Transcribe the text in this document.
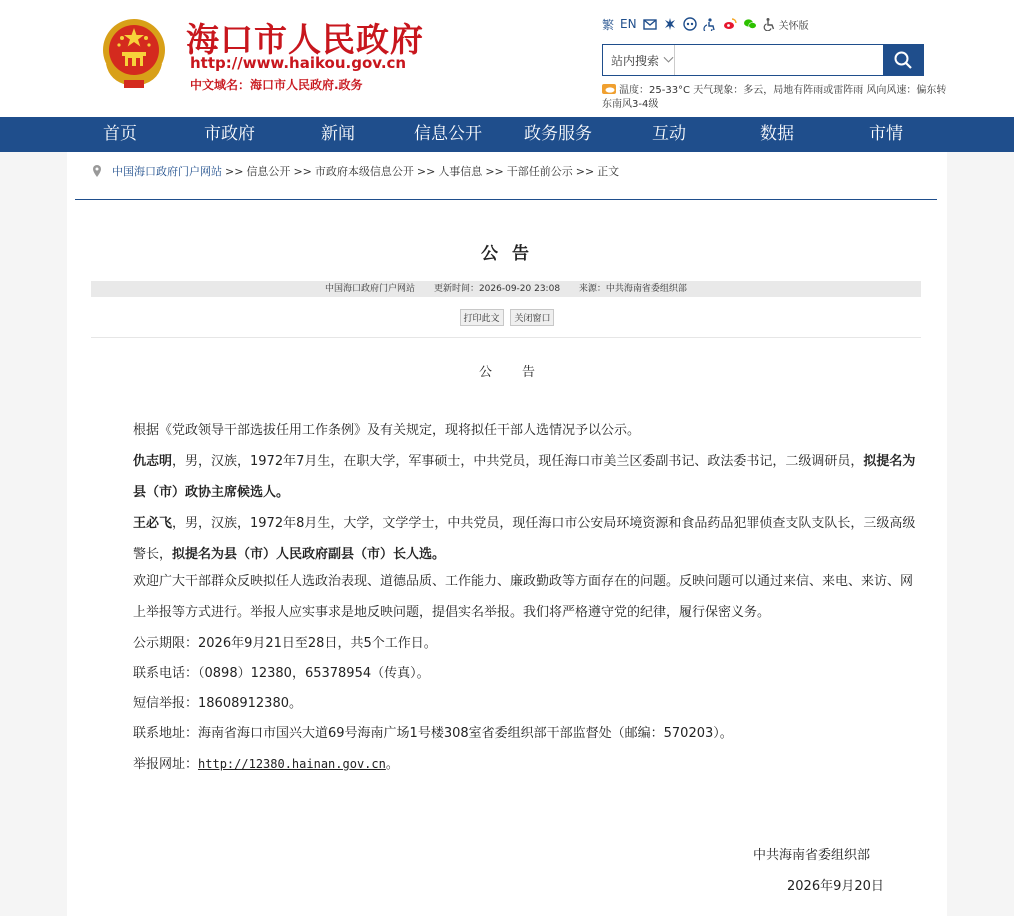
海口市人民政府
http://www.haikou.gov.cn
中文域名：海口市人民政府.政务
繁 EN	关怀版
站内搜索
温度：25-33°C 天气现象：多云，局地有阵雨或雷阵雨 风向风速：偏东转东南风3-4级
首页	市政府	新闻	信息公开 政务服务	互动	数据	市情
中国海口政府门户网站 >> 信息公开 >> 市政府本级信息公开 >> 人事信息 >> 干部任前公示 >> 正文
公 告
中国海口政府门户网站 更新时间：2026-09-20 23:08 来源：中共海南省委组织部
打印此文 关闭窗口
公告
根据《党政领导干部选拔任用工作条例》及有关规定，现将拟任干部人选情况予以公示。
仇志明，男，汉族，1972年7月生，在职大学，军事硕士，中共党员，现任海口市美兰区委副书记、政法委书记，二级调研员，拟提名为县（市）政协主席候选人。
王必飞，男，汉族，1972年8月生，大学，文学学士，中共党员，现任海口市公安局环境资源和食品药品犯罪侦查支队支队长，三级高级警长，拟提名为县（市）人民政府副县（市）长人选。
欢迎广大干部群众反映拟任人选政治表现、道德品质、工作能力、廉政勤政等方面存在的问题。反映问题可以通过来信、来电、来访、网上举报等方式进行。举报人应实事求是地反映问题，提倡实名举报。我们将严格遵守党的纪律，履行保密义务。
公示期限：2026年9月21日至28日，共5个工作日。
联系电话：（0898）12380，65378954（传真）。
短信举报：18608912380。
联系地址：海南省海口市国兴大道69号海南广场1号楼308室省委组织部干部监督处（邮编：570203）。
举报网址：http://12380.hainan.gov.cn。
中共海南省委组织部
2026年9月20日
